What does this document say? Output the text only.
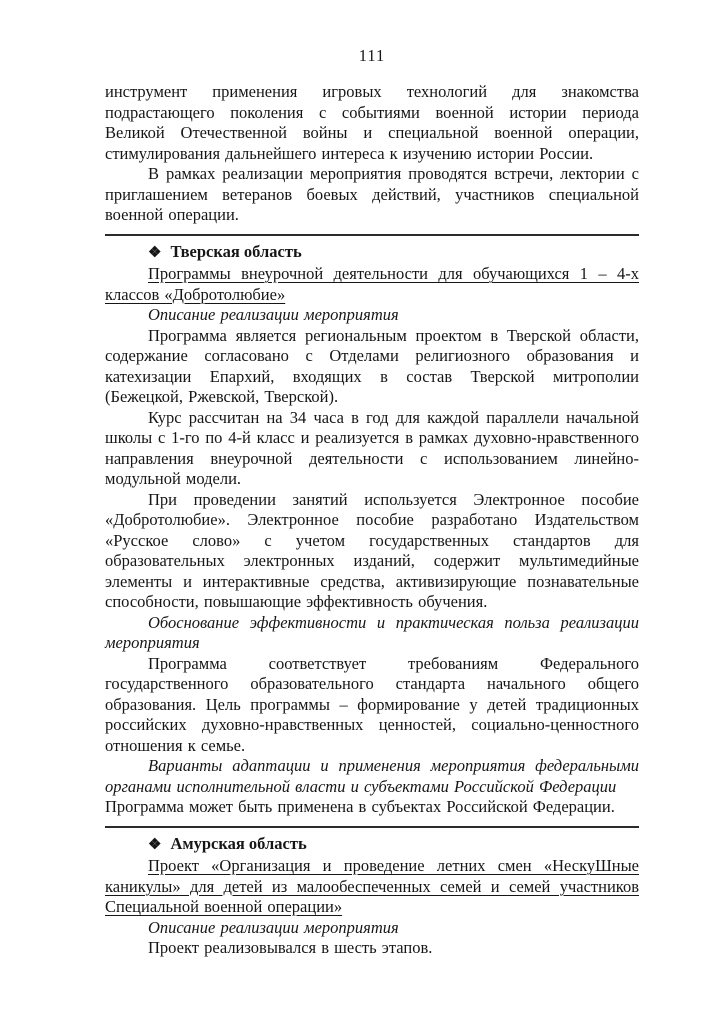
111

инструмент применения игровых технологий для знакомства подрастающего поколения с событиями военной истории периода Великой Отечественной войны и специальной военной операции, стимулирования дальнейшего интереса к изучению истории России.

В рамках реализации мероприятия проводятся встречи, лектории с приглашением ветеранов боевых действий, участников специальной военной операции.

❖ Тверская область

Программы внеурочной деятельности для обучающихся 1 – 4-х классов «Добротолюбие»

Описание реализации мероприятия

Программа является региональным проектом в Тверской области, содержание согласовано с Отделами религиозного образования и катехизации Епархий, входящих в состав Тверской митрополии (Бежецкой, Ржевской, Тверской).

Курс рассчитан на 34 часа в год для каждой параллели начальной школы с 1-го по 4-й класс и реализуется в рамках духовно-нравственного направления внеурочной деятельности с использованием линейно-модульной модели.

При проведении занятий используется Электронное пособие «Добротолюбие». Электронное пособие разработано Издательством «Русское слово» с учетом государственных стандартов для образовательных электронных изданий, содержит мультимедийные элементы и интерактивные средства, активизирующие познавательные способности, повышающие эффективность обучения.

Обоснование эффективности и практическая польза реализации мероприятия

Программа соответствует требованиям Федерального государственного образовательного стандарта начального общего образования. Цель программы – формирование у детей традиционных российских духовно-нравственных ценностей, социально-ценностного отношения к семье.

Варианты адаптации и применения мероприятия федеральными органами исполнительной власти и субъектами Российской Федерации

Программа может быть применена в субъектах Российской Федерации.

❖ Амурская область

Проект «Организация и проведение летних смен «НескуШные каникулы» для детей из малообеспеченных семей и семей участников Специальной военной операции»

Описание реализации мероприятия

Проект реализовывался в шесть этапов.
